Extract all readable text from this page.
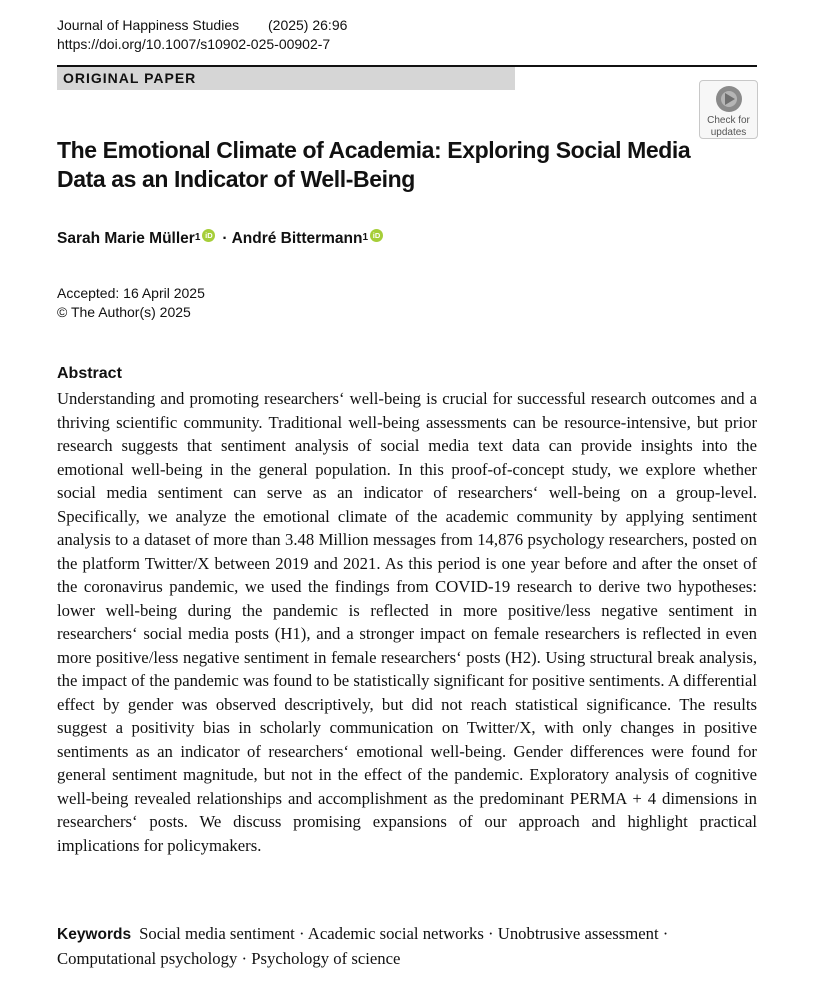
Journal of Happiness Studies	(2025) 26:96
https://doi.org/10.1007/s10902-025-00902-7
ORIGINAL PAPER
Check for
updates
The Emotional Climate of Academia: Exploring Social Media Data as an Indicator of Well-Being
Sarah Marie Müller$^1$ iD · André Bittermann$^1$ iD
Accepted: 16 April 2025
© The Author(s) 2025
Abstract

Understanding and promoting researchers‘ well-being is crucial for successful research outcomes and a thriving scientific community. Traditional well-being assessments can be resource-intensive, but prior research suggests that sentiment analysis of social media text data can provide insights into the emotional well-being in the general population. In this proof-of-concept study, we explore whether social media sentiment can serve as an indicator of researchers‘ well-being on a group-level. Specifically, we analyze the emotional climate of the academic community by applying sentiment analysis to a dataset of more than 3.48 Million messages from 14,876 psychology researchers, posted on the platform Twitter/X between 2019 and 2021. As this period is one year before and after the onset of the coronavirus pandemic, we used the findings from COVID-19 research to derive two hypotheses: lower well-being during the pandemic is reflected in more positive/less negative sentiment in researchers‘ social media posts (H1), and a stronger impact on female researchers is reflected in even more positive/less negative sentiment in female researchers‘ posts (H2). Using structural break analysis, the impact of the pandemic was found to be statistically significant for positive sentiments. A differential effect by gender was observed descriptively, but did not reach statistical significance. The results suggest a positivity bias in scholarly communication on Twitter/X, with only changes in positive sentiments as an indicator of researchers‘ emotional well-being. Gender differences were found for general sentiment magnitude, but not in the effect of the pandemic. Exploratory analysis of cognitive well-being revealed relationships and accomplishment as the predominant PERMA + 4 dimensions in researchers‘ posts. We discuss promising expansions of our approach and highlight practical implications for policymakers.

Keywords Social media sentiment · Academic social networks · Unobtrusive assessment · Computational psychology · Psychology of science
